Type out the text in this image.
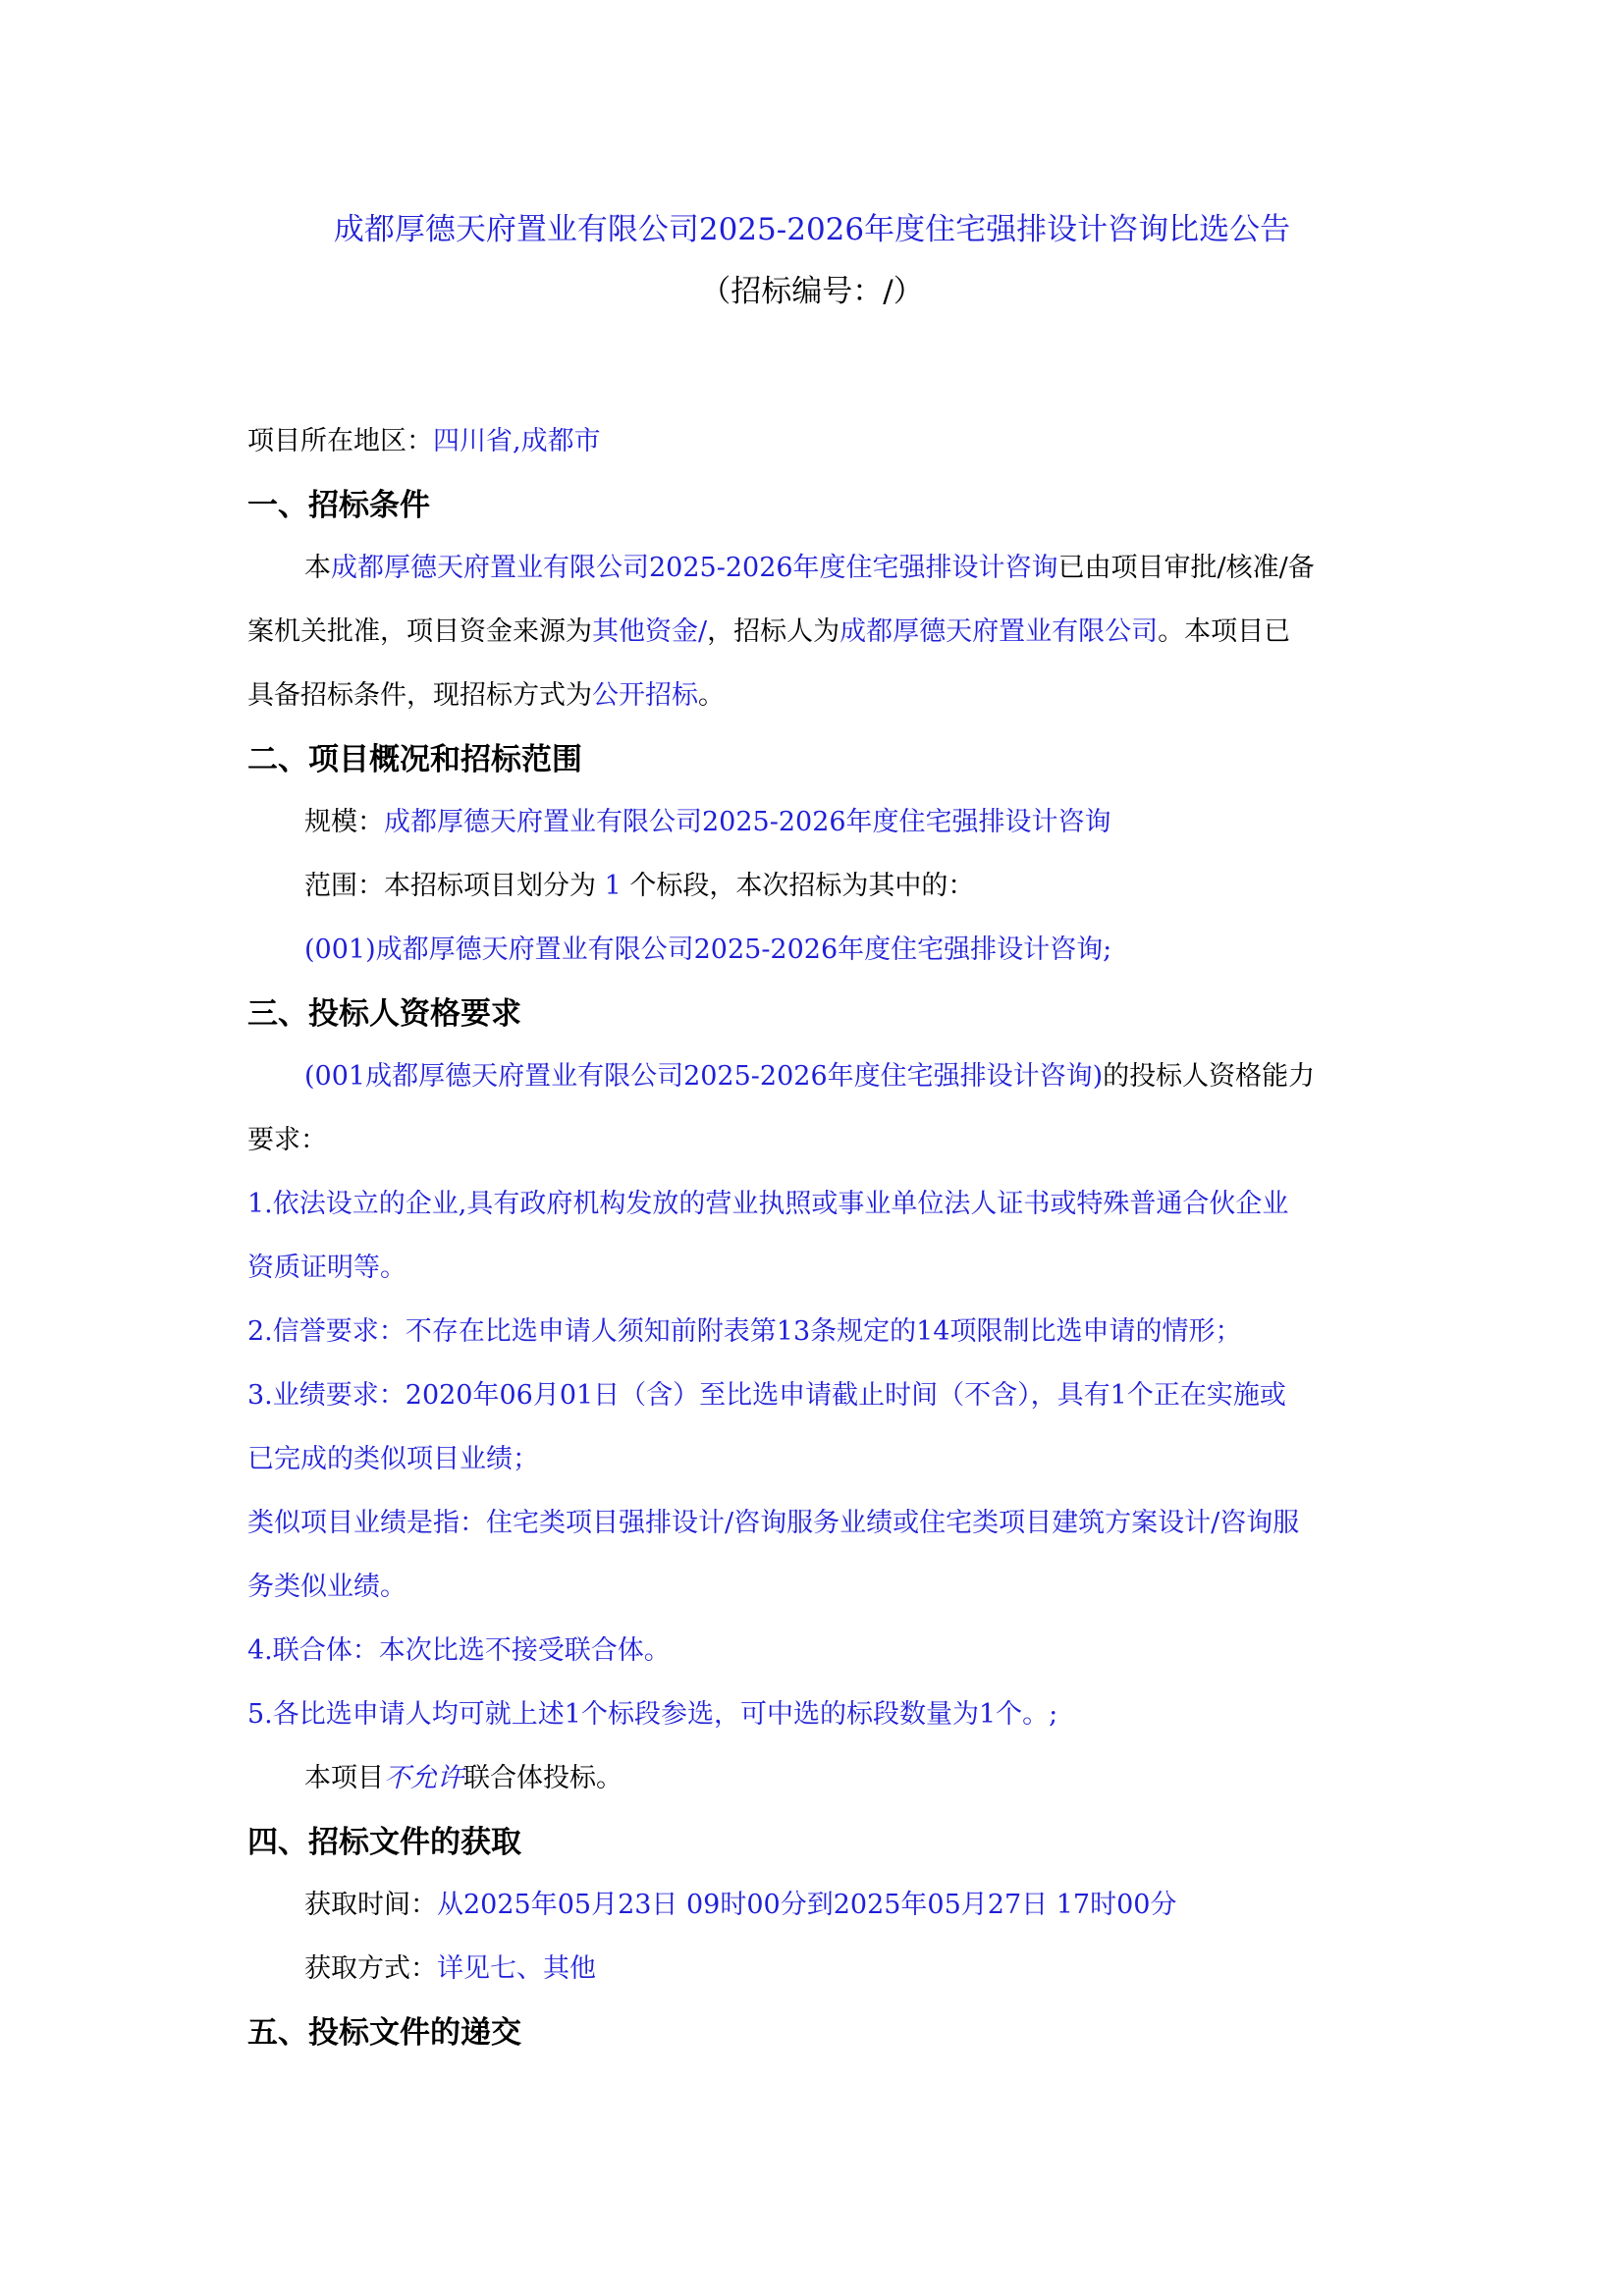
成都厚德天府置业有限公司2025-2026年度住宅强排设计咨询比选公告
（招标编号：/）
项目所在地区：四川省,成都市
一、招标条件
本成都厚德天府置业有限公司2025-2026年度住宅强排设计咨询已由项目审批/核准/备
案机关批准，项目资金来源为其他资金/，招标人为成都厚德天府置业有限公司。本项目已
具备招标条件，现招标方式为公开招标。
二、项目概况和招标范围
规模：成都厚德天府置业有限公司2025-2026年度住宅强排设计咨询
范围：本招标项目划分为 1 个标段，本次招标为其中的：
(001)成都厚德天府置业有限公司2025-2026年度住宅强排设计咨询;
三、投标人资格要求
(001成都厚德天府置业有限公司2025-2026年度住宅强排设计咨询)的投标人资格能力
要求：
1.依法设立的企业,具有政府机构发放的营业执照或事业单位法人证书或特殊普通合伙企业
资质证明等。
2.信誉要求：不存在比选申请人须知前附表第13条规定的14项限制比选申请的情形；
3.业绩要求：2020年06月01日（含）至比选申请截止时间（不含），具有1个正在实施或
已完成的类似项目业绩；
类似项目业绩是指：住宅类项目强排设计/咨询服务业绩或住宅类项目建筑方案设计/咨询服
务类似业绩。
4.联合体：本次比选不接受联合体。
5.各比选申请人均可就上述1个标段参选，可中选的标段数量为1个。;
本项目不允许联合体投标。
四、招标文件的获取
获取时间：从2025年05月23日 09时00分到2025年05月27日 17时00分
获取方式：详见七、其他
五、投标文件的递交
